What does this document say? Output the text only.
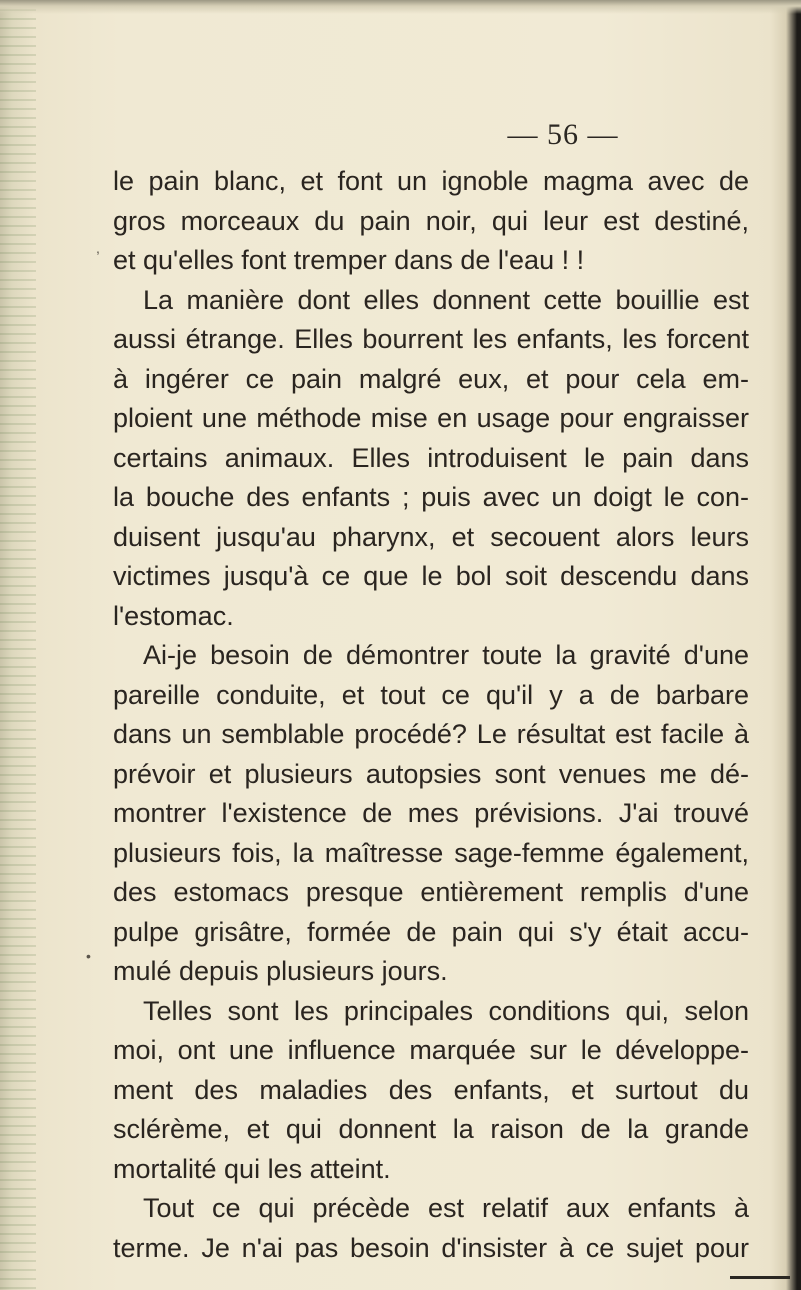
— 56 —
le pain blanc, et font un ignoble magma avec de
gros morceaux du pain noir, qui leur est destiné,
et qu'elles font tremper dans de l'eau ! !
La manière dont elles donnent cette bouillie est
aussi étrange. Elles bourrent les enfants, les forcent
à ingérer ce pain malgré eux, et pour cela em-
ploient une méthode mise en usage pour engraisser
certains animaux. Elles introduisent le pain dans
la bouche des enfants ; puis avec un doigt le con-
duisent jusqu'au pharynx, et secouent alors leurs
victimes jusqu'à ce que le bol soit descendu dans
l'estomac.
Ai-je besoin de démontrer toute la gravité d'une
pareille conduite, et tout ce qu'il y a de barbare
dans un semblable procédé? Le résultat est facile à
prévoir et plusieurs autopsies sont venues me dé-
montrer l'existence de mes prévisions. J'ai trouvé
plusieurs fois, la maîtresse sage-femme également,
des estomacs presque entièrement remplis d'une
pulpe grisâtre, formée de pain qui s'y était accu-
mulé depuis plusieurs jours.
Telles sont les principales conditions qui, selon
moi, ont une influence marquée sur le développe-
ment des maladies des enfants, et surtout du
sclérème, et qui donnent la raison de la grande
mortalité qui les atteint.
Tout ce qui précède est relatif aux enfants à
terme. Je n'ai pas besoin d'insister à ce sujet pour
,
•
